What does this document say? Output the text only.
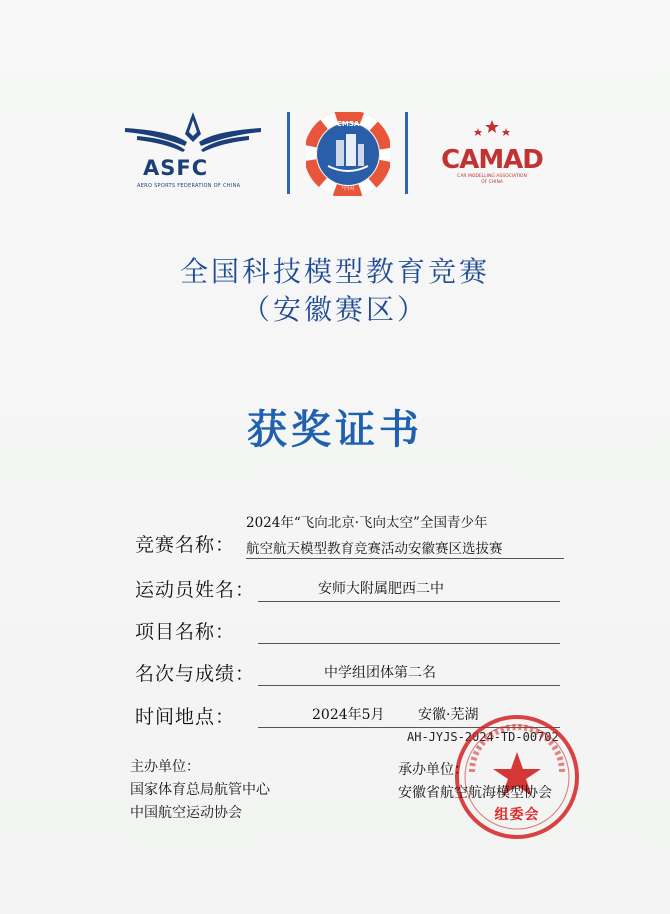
ASFC
AERO SPORTS FEDERATION OF CHINA
CMSA
中国
CAMAD
CAR MODELLING ASSOCIATION
OF CHINA
全国科技模型教育竞赛
（安徽赛区）
获奖证书
竞赛名称：
2024年“飞向北京·飞向太空”全国青少年
航空航天模型教育竞赛活动安徽赛区选拔赛
运动员姓名：	安师大附属肥西二中
项目名称：
名次与成绩：	中学组团体第二名
时间地点：	2024年5月 安徽·芜湖
AH-JYJS-2024-TD-00702
主办单位：
国家体育总局航管中心
中国航空运动协会	组委会
承办单位：
安徽省航空航海模型协会
